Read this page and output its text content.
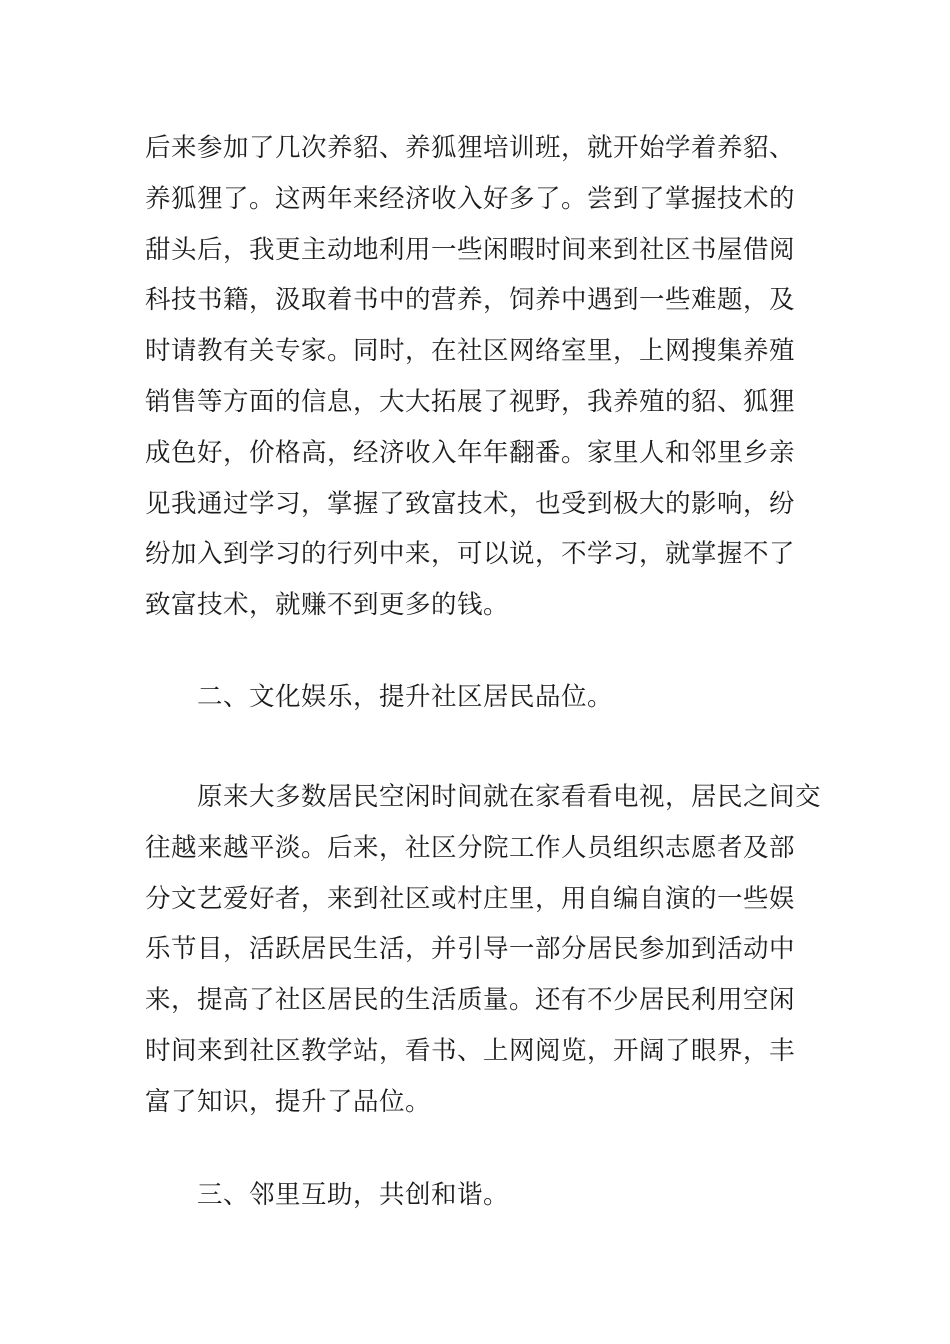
后来参加了几次养貂、养狐狸培训班，就开始学着养貂、
养狐狸了。这两年来经济收入好多了。尝到了掌握技术的
甜头后，我更主动地利用一些闲暇时间来到社区书屋借阅
科技书籍，汲取着书中的营养，饲养中遇到一些难题，及
时请教有关专家。同时，在社区网络室里，上网搜集养殖
销售等方面的信息，大大拓展了视野，我养殖的貂、狐狸
成色好，价格高，经济收入年年翻番。家里人和邻里乡亲
见我通过学习，掌握了致富技术，也受到极大的影响，纷
纷加入到学习的行列中来，可以说，不学习，就掌握不了
致富技术，就赚不到更多的钱。
　　二、文化娱乐，提升社区居民品位。
　　原来大多数居民空闲时间就在家看看电视，居民之间交
往越来越平淡。后来，社区分院工作人员组织志愿者及部
分文艺爱好者，来到社区或村庄里，用自编自演的一些娱
乐节目，活跃居民生活，并引导一部分居民参加到活动中
来，提高了社区居民的生活质量。还有不少居民利用空闲
时间来到社区教学站，看书、上网阅览，开阔了眼界，丰
富了知识，提升了品位。
　　三、邻里互助，共创和谐。
